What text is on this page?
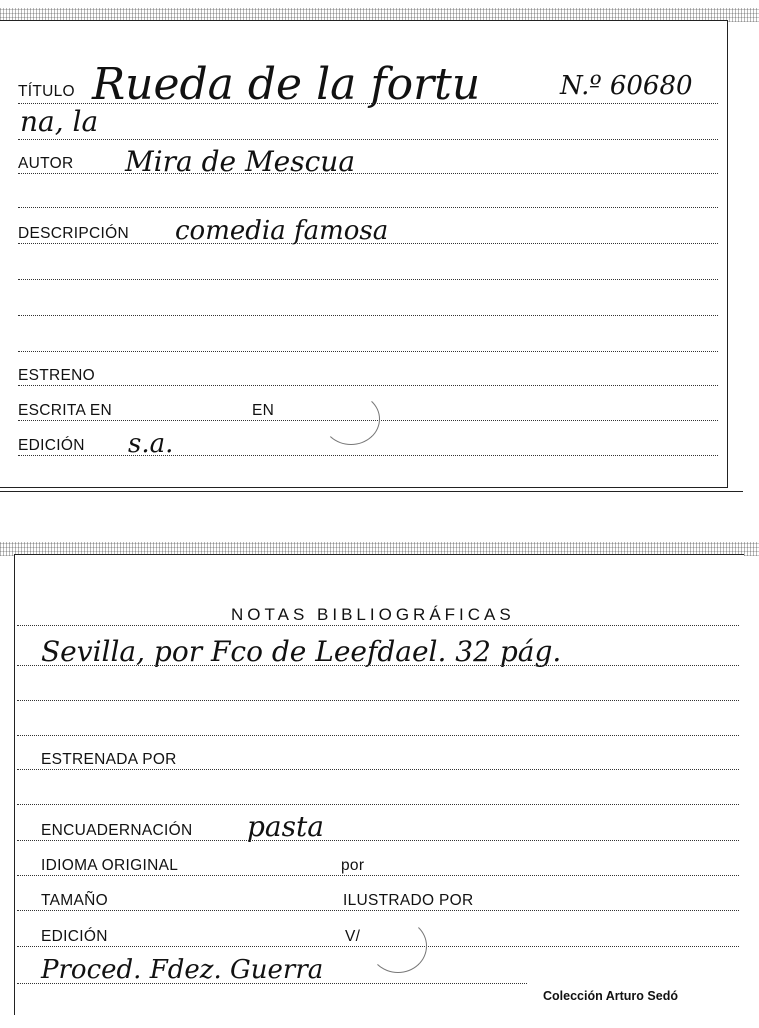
TÍTULO Rueda de la fortu	N.º 60680
na, la
AUTOR Mira de Mescua
DESCRIPCIÓN comedia famosa
ESTRENO
ESCRITA EN	EN
EDICIÓN s.a.
NOTAS BIBLIOGRÁFICAS
Sevilla, por Fco de Leefdael. 32 pág.
ESTRENADA POR
ENCUADERNACIÓN pasta
IDIOMA ORIGINAL	por
TAMAÑO	ILUSTRADO POR
EDICIÓN	V/
Proced. Fdez. Guerra
Colección Arturo Sedó
